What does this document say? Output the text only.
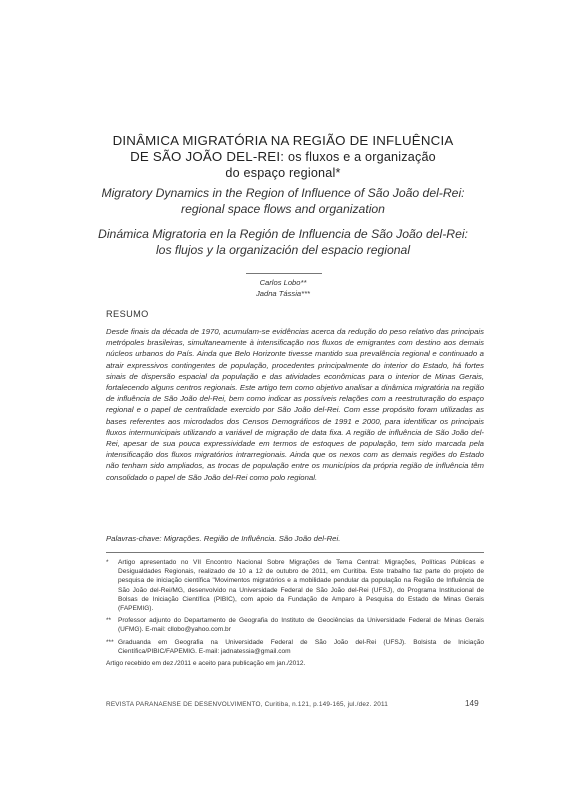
DINÂMICA MIGRATÓRIA NA REGIÃO DE INFLUÊNCIA
DE SÃO JOÃO DEL-REI: os fluxos e a organização
do espaço regional*
Migratory Dynamics in the Region of Influence of São João del-Rei:
regional space flows and organization
Dinámica Migratoria en la Región de Influencia de São João del-Rei:
los flujos y la organización del espacio regional
Carlos Lobo**
Jadna Tássia***
RESUMO
Desde finais da década de 1970, acumulam-se evidências acerca da redução do peso relativo das principais metrópoles brasileiras, simultaneamente à intensificação nos fluxos de emigrantes com destino aos demais núcleos urbanos do País. Ainda que Belo Horizonte tivesse mantido sua prevalência regional e continuado a atrair expressivos contingentes de população, procedentes principalmente do interior do Estado, há fortes sinais de dispersão espacial da população e das atividades econômicas para o interior de Minas Gerais, fortalecendo alguns centros regionais. Este artigo tem como objetivo analisar a dinâmica migratória na região de influência de São João del-Rei, bem como indicar as possíveis relações com a reestruturação do espaço regional e o papel de centralidade exercido por São João del-Rei. Com esse propósito foram utilizadas as bases referentes aos microdados dos Censos Demográficos de 1991 e 2000, para identificar os principais fluxos intermunicipais utilizando a variável de migração de data fixa. A região de influência de São João del-Rei, apesar de sua pouca expressividade em termos de estoques de população, tem sido marcada pela intensificação dos fluxos migratórios intrarregionais. Ainda que os nexos com as demais regiões do Estado não tenham sido ampliados, as trocas de população entre os municípios da própria região de influência têm consolidado o papel de São João del-Rei como polo regional.
Palavras-chave: Migrações. Região de Influência. São João del-Rei.
*	Artigo apresentado no VII Encontro Nacional Sobre Migrações de Tema Central: Migrações, Políticas Públicas e Desigualdades Regionais, realizado de 10 a 12 de outubro de 2011, em Curitiba. Este trabalho faz parte do projeto de pesquisa de iniciação científica "Movimentos migratórios e a mobilidade pendular da população na Região de Influência de São João del-Rei/MG, desenvolvido na Universidade Federal de São João del-Rei (UFSJ), do Programa Institucional de Bolsas de Iniciação Científica (PIBIC), com apoio da Fundação de Amparo à Pesquisa do Estado de Minas Gerais (FAPEMIG).
**	Professor adjunto do Departamento de Geografia do Instituto de Geociências da Universidade Federal de Minas Gerais (UFMG). E-mail: cllobo@yahoo.com.br
*** Graduanda em Geografia na Universidade Federal de São João del-Rei (UFSJ). Bolsista de Iniciação Científica/PIBIC/FAPEMIG. E-mail: jadnatessia@gmail.com
Artigo recebido em dez./2011 e aceito para publicação em jan./2012.
REVISTA PARANAENSE DE DESENVOLVIMENTO, Curitiba, n.121, p.149-165, jul./dez. 2011	149
